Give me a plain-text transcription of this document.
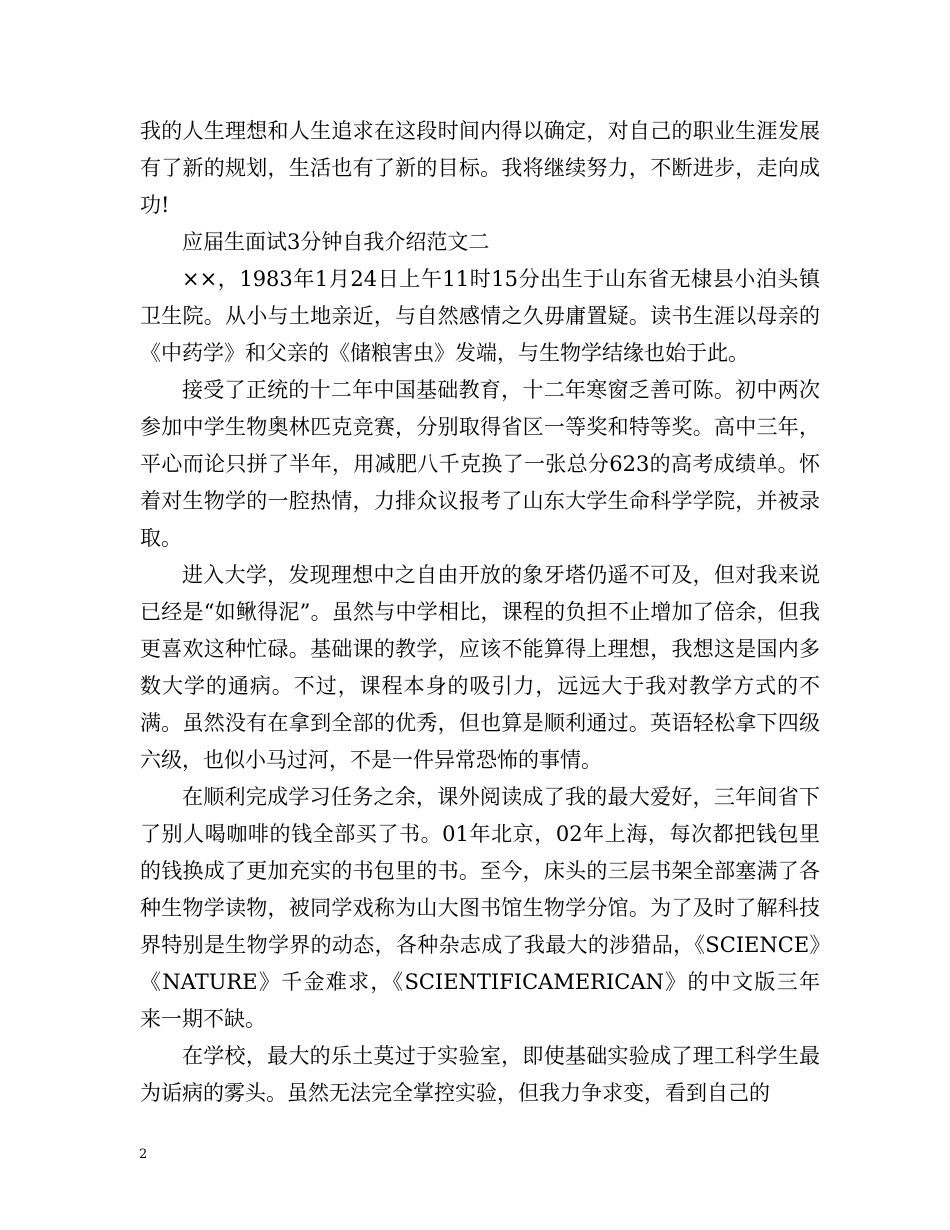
我的人生理想和人生追求在这段时间内得以确定，对自己的职业生涯发展有了新的规划，生活也有了新的目标。我将继续努力，不断进步，走向成功!

应届生面试3分钟自我介绍范文二

××，1983年1月24日上午11时15分出生于山东省无棣县小泊头镇卫生院。从小与土地亲近，与自然感情之久毋庸置疑。读书生涯以母亲的《中药学》和父亲的《储粮害虫》发端，与生物学结缘也始于此。

接受了正统的十二年中国基础教育，十二年寒窗乏善可陈。初中两次参加中学生物奥林匹克竞赛，分别取得省区一等奖和特等奖。高中三年，平心而论只拼了半年，用减肥八千克换了一张总分623的高考成绩单。怀着对生物学的一腔热情，力排众议报考了山东大学生命科学学院，并被录取。

进入大学，发现理想中之自由开放的象牙塔仍遥不可及，但对我来说已经是“如鳅得泥”。虽然与中学相比，课程的负担不止增加了倍余，但我更喜欢这种忙碌。基础课的教学，应该不能算得上理想，我想这是国内多数大学的通病。不过，课程本身的吸引力，远远大于我对教学方式的不满。虽然没有在拿到全部的优秀，但也算是顺利通过。英语轻松拿下四级六级，也似小马过河，不是一件异常恐怖的事情。

在顺利完成学习任务之余，课外阅读成了我的最大爱好，三年间省下了别人喝咖啡的钱全部买了书。01年北京，02年上海，每次都把钱包里的钱换成了更加充实的书包里的书。至今，床头的三层书架全部塞满了各种生物学读物，被同学戏称为山大图书馆生物学分馆。为了及时了解科技界特别是生物学界的动态，各种杂志成了我最大的涉猎品，《SCIENCE》《NATURE》千金难求，《SCIENTIFICAMERICAN》的中文版三年来一期不缺。

在学校，最大的乐土莫过于实验室，即使基础实验成了理工科学生最为诟病的雾头。虽然无法完全掌控实验，但我力争求变，看到自己的

2
